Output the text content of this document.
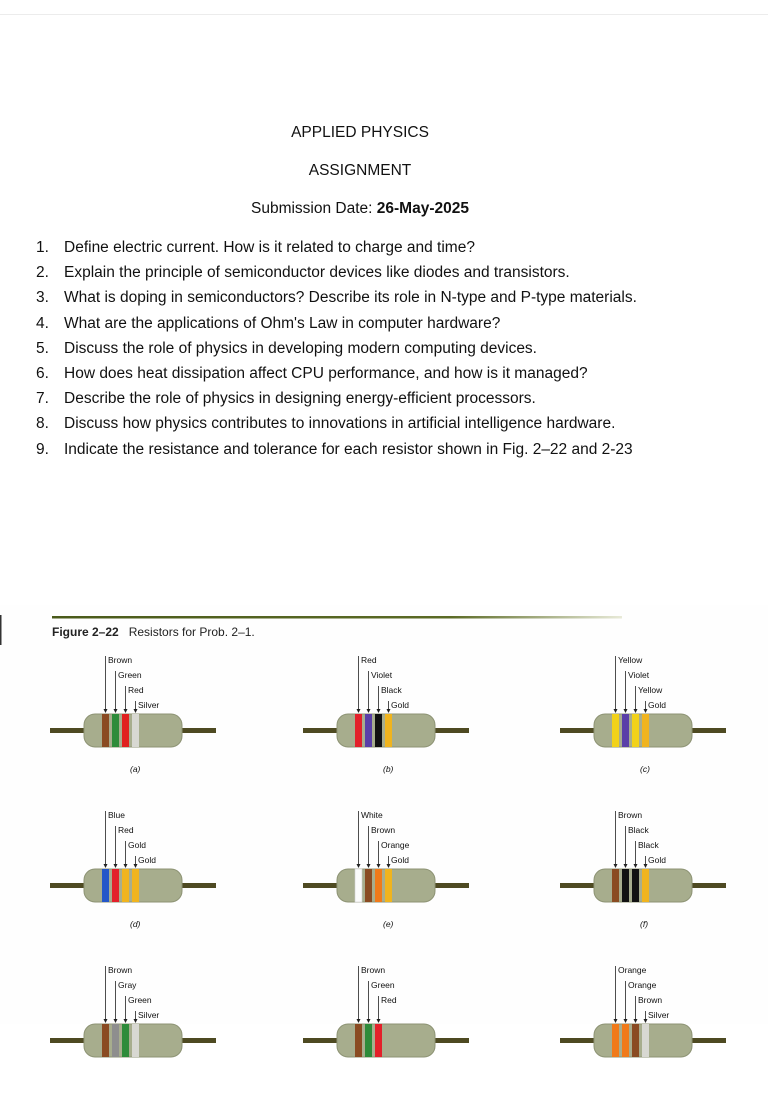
APPLIED PHYSICS
ASSIGNMENT
Submission Date: 26-May-2025
1. Define electric current. How is it related to charge and time?
2. Explain the principle of semiconductor devices like diodes and transistors.
3. What is doping in semiconductors? Describe its role in N-type and P-type materials.
4. What are the applications of Ohm's Law in computer hardware?
5. Discuss the role of physics in developing modern computing devices.
6. How does heat dissipation affect CPU performance, and how is it managed?
7. Describe the role of physics in designing energy-efficient processors.
8. Discuss how physics contributes to innovations in artificial intelligence hardware.
9. Indicate the resistance and tolerance for each resistor shown in Fig. 2–22 and 2-23
Figure 2–22 Resistors for Prob. 2–1.
Brown
Green
Red
Silver
(a)
Red
Violet
Black
Gold
(b)
Yellow
Violet
Yellow
Gold
(c)
Blue
Red
Gold
Gold
(d)
White
Brown
Orange
Gold
(e)
Brown
Black
Black
Gold
(f)
Brown
Gray
Green
Silver
Brown
Green
Red
Orange
Orange
Brown
Silver
